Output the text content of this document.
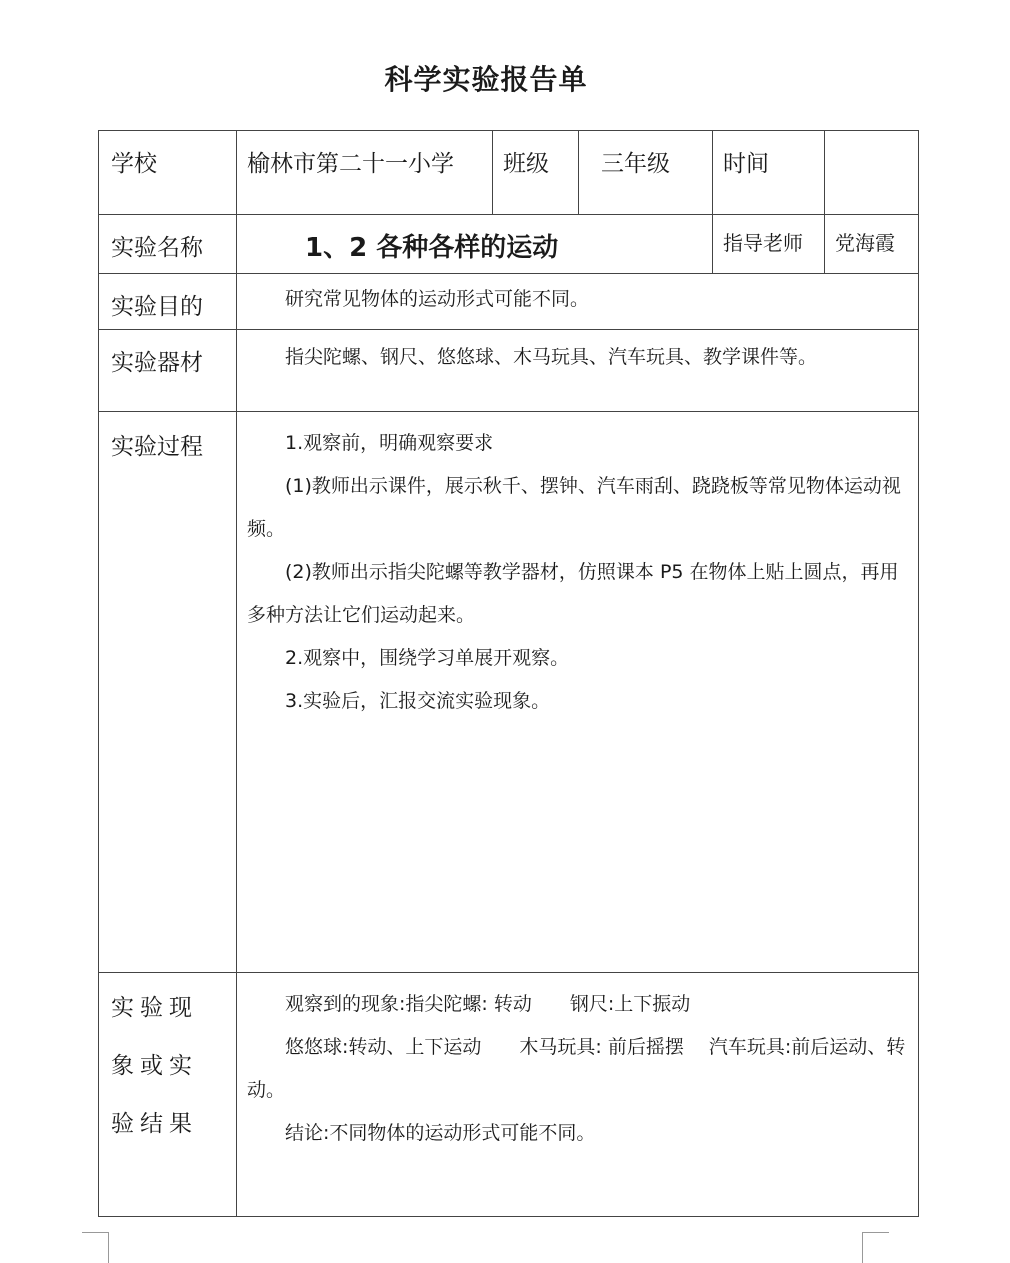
科学实验报告单
学校	榆林市第二十一小学	班级	三年级	时间	
实验名称	1、2 各种各样的运动			指导老师	党海霞
实验目的	研究常见物体的运动形式可能不同。				

实验器材	指尖陀螺、钢尺、悠悠球、木马玩具、汽车玩具、教学课件等。				

实验过程	1.观察前，明确观察要求

(1)教师出示课件，展示秋千、摆钟、汽车雨刮、跷跷板等常见物体运动视频。

(2)教师出示指尖陀螺等教学器材，仿照课本 P5 在物体上贴上圆点，再用多种方法让它们运动起来。

2.观察中，围绕学习单展开观察。

3.实验后，汇报交流实验现象。				

实验现象或实验结果	观察到的现象:指尖陀螺: 转动　　钢尺:上下振动

悠悠球:转动、上下运动　　木马玩具: 前后摇摆　 汽车玩具:前后运动、转动。

结论:不同物体的运动形式可能不同。				
